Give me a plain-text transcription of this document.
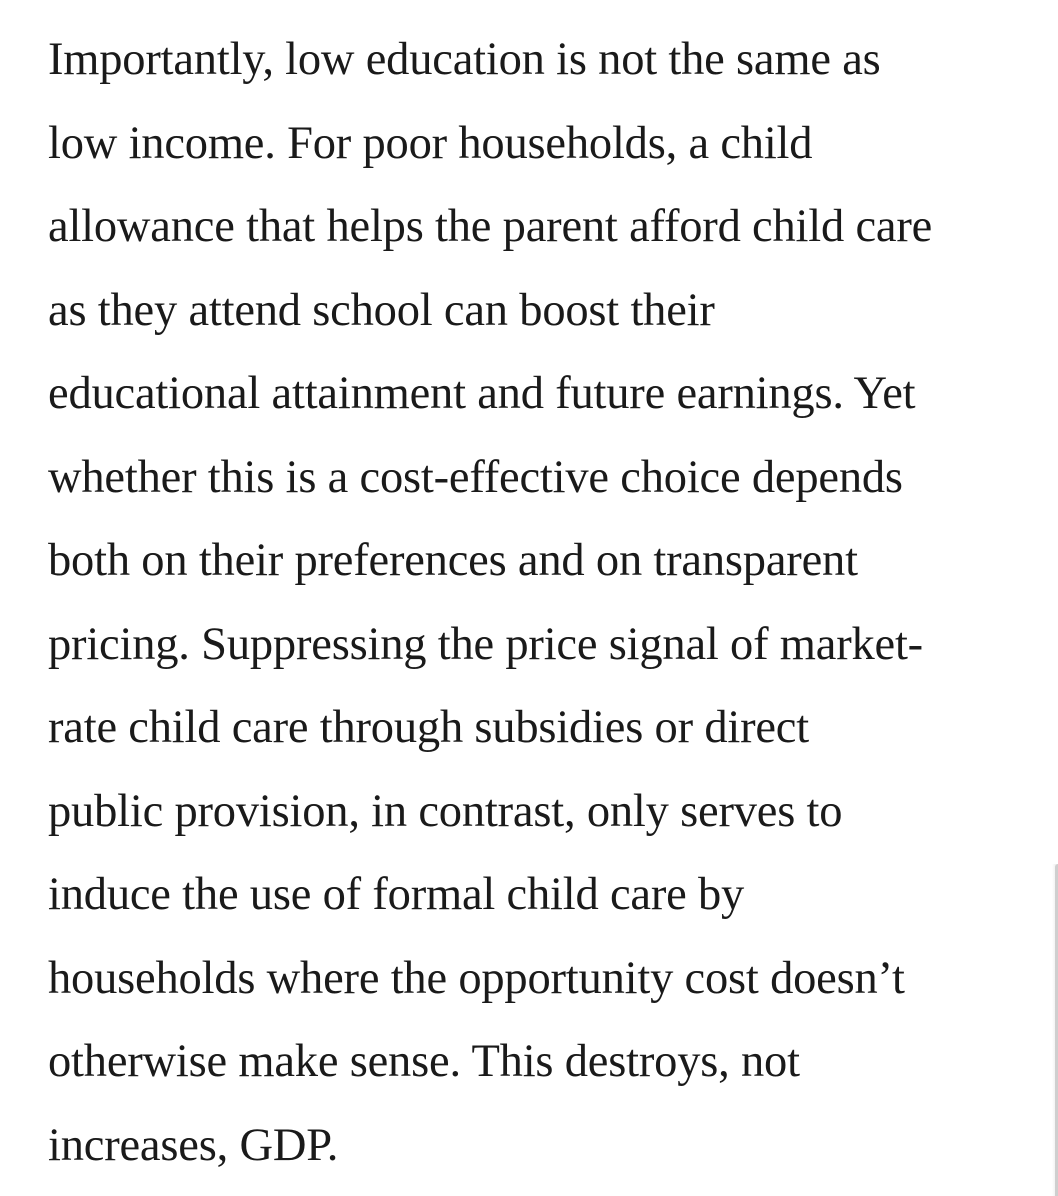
Importantly, low education is not the same as
low income. For poor households, a child
allowance that helps the parent afford child care
as they attend school can boost their
educational attainment and future earnings. Yet
whether this is a cost-effective choice depends
both on their preferences and on transparent
pricing. Suppressing the price signal of market-
rate child care through subsidies or direct
public provision, in contrast, only serves to
induce the use of formal child care by
households where the opportunity cost doesn’t
otherwise make sense. This destroys, not
increases, GDP.
